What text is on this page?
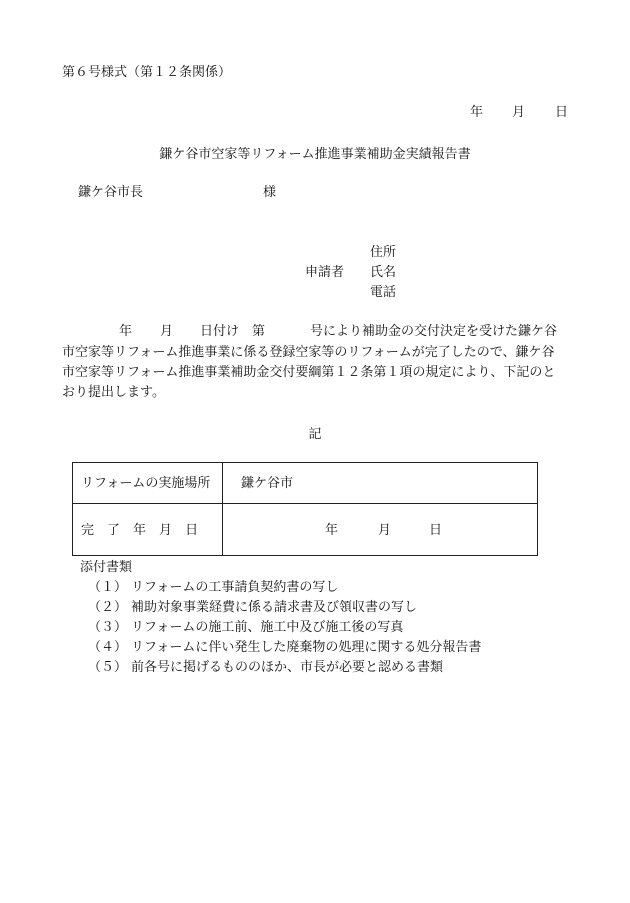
第６号様式（第１２条関係）
年 月 日
鎌ケ谷市空家等リフォーム推進事業補助金実績報告書
鎌ケ谷市長	様
申請者
住所
氏名
電話
年 月 日付け　第	号により補助金の交付決定を受けた鎌ケ谷
市空家等リフォーム推進事業に係る登録空家等のリフォームが完了したので、鎌ケ谷
市空家等リフォーム推進事業補助金交付要綱第１２条第１項の規定により、下記のと
おり提出します。
記
リフォームの実施場所 鎌ケ谷市
完 了 年 月 日	年	月	日
添付書類
（１） リフォームの工事請負契約書の写し
（２） 補助対象事業経費に係る請求書及び領収書の写し
（３） リフォームの施工前、施工中及び施工後の写真
（４） リフォームに伴い発生した廃棄物の処理に関する処分報告書
（５） 前各号に掲げるもののほか、市長が必要と認める書類
